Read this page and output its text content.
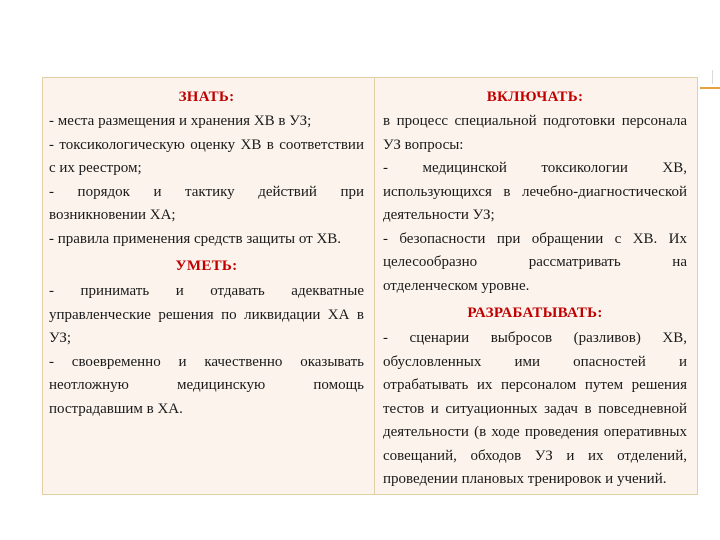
ЗНАТЬ:

- места размещения и хранения ХВ в УЗ;

- токсикологическую оценку ХВ в соответствии с их реестром;

- порядок и тактику действий при возникновении ХА;

- правила применения средств защиты от ХВ.

УМЕТЬ:

- принимать и отдавать адекватные управленческие решения по ликвидации ХА в УЗ;

- своевременно и качественно оказывать неотложную медицинскую помощь пострадавшим в ХА.

ВКЛЮЧАТЬ:

в процесс специальной подготовки персонала УЗ вопросы:

- медицинской токсикологии ХВ, использующихся в лечебно-диагностической деятельности УЗ;

- безопасности при обращении с ХВ. Их целесообразно рассматривать на отделенческом уровне.

РАЗРАБАТЫВАТЬ:

- сценарии выбросов (разливов) ХВ, обусловленных ими опасностей и отрабатывать их персоналом путем решения тестов и ситуационных задач в повседневной деятельности (в ходе проведения оперативных совещаний, обходов УЗ и их отделений, проведении плановых тренировок и учений.
